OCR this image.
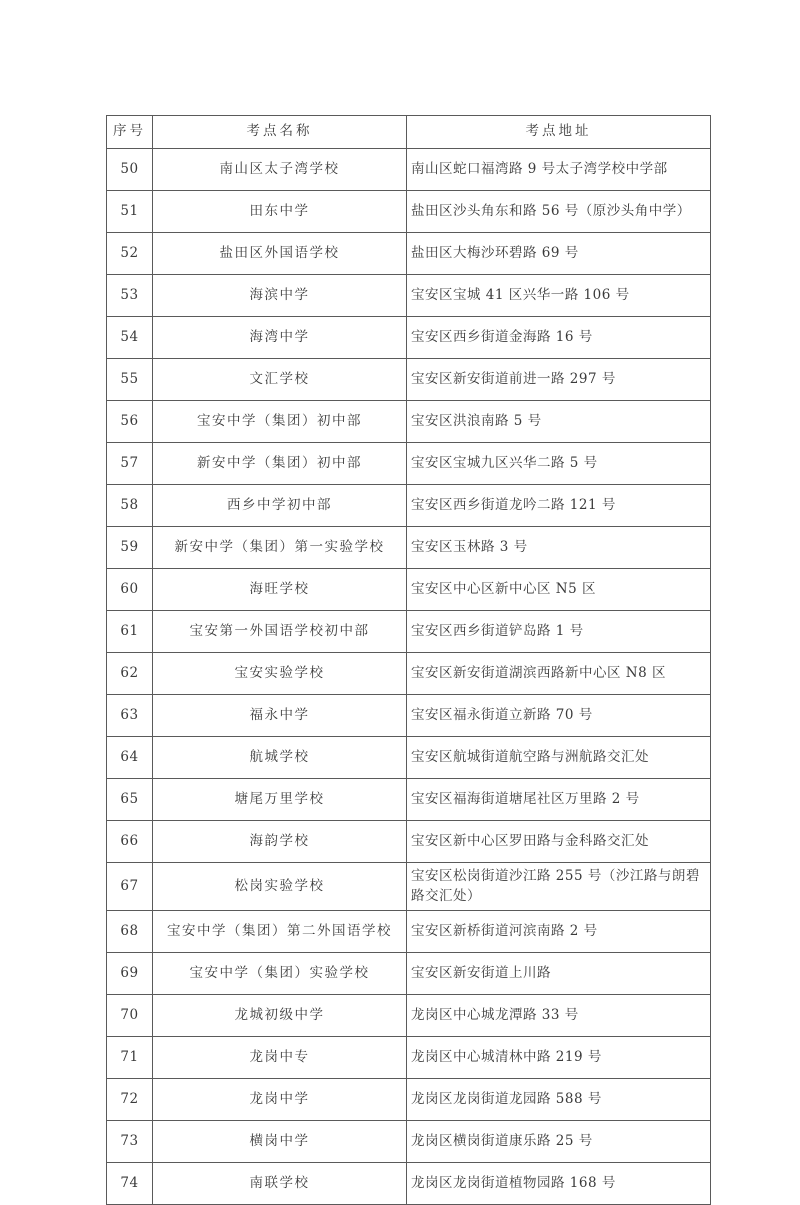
序号	考点名称	考点地址
50	南山区太子湾学校	南山区蛇口福湾路 9 号太子湾学校中学部
51	田东中学	盐田区沙头角东和路 56 号（原沙头角中学）
52	盐田区外国语学校	盐田区大梅沙环碧路 69 号
53	海滨中学	宝安区宝城 41 区兴华一路 106 号
54	海湾中学	宝安区西乡街道金海路 16 号
55	文汇学校	宝安区新安街道前进一路 297 号
56	宝安中学（集团）初中部	宝安区洪浪南路 5 号
57	新安中学（集团）初中部	宝安区宝城九区兴华二路 5 号
58	西乡中学初中部	宝安区西乡街道龙吟二路 121 号
59	新安中学（集团）第一实验学校	宝安区玉林路 3 号
60	海旺学校	宝安区中心区新中心区 N5 区
61	宝安第一外国语学校初中部	宝安区西乡街道铲岛路 1 号
62	宝安实验学校	宝安区新安街道湖滨西路新中心区 N8 区
63	福永中学	宝安区福永街道立新路 70 号
64	航城学校	宝安区航城街道航空路与洲航路交汇处
65	塘尾万里学校	宝安区福海街道塘尾社区万里路 2 号
66	海韵学校	宝安区新中心区罗田路与金科路交汇处
67	松岗实验学校	宝安区松岗街道沙江路 255 号（沙江路与朗碧路交汇处）
68	宝安中学（集团）第二外国语学校	宝安区新桥街道河滨南路 2 号
69	宝安中学（集团）实验学校	宝安区新安街道上川路
70	龙城初级中学	龙岗区中心城龙潭路 33 号
71	龙岗中专	龙岗区中心城清林中路 219 号
72	龙岗中学	龙岗区龙岗街道龙园路 588 号
73	横岗中学	龙岗区横岗街道康乐路 25 号
74	南联学校	龙岗区龙岗街道植物园路 168 号
